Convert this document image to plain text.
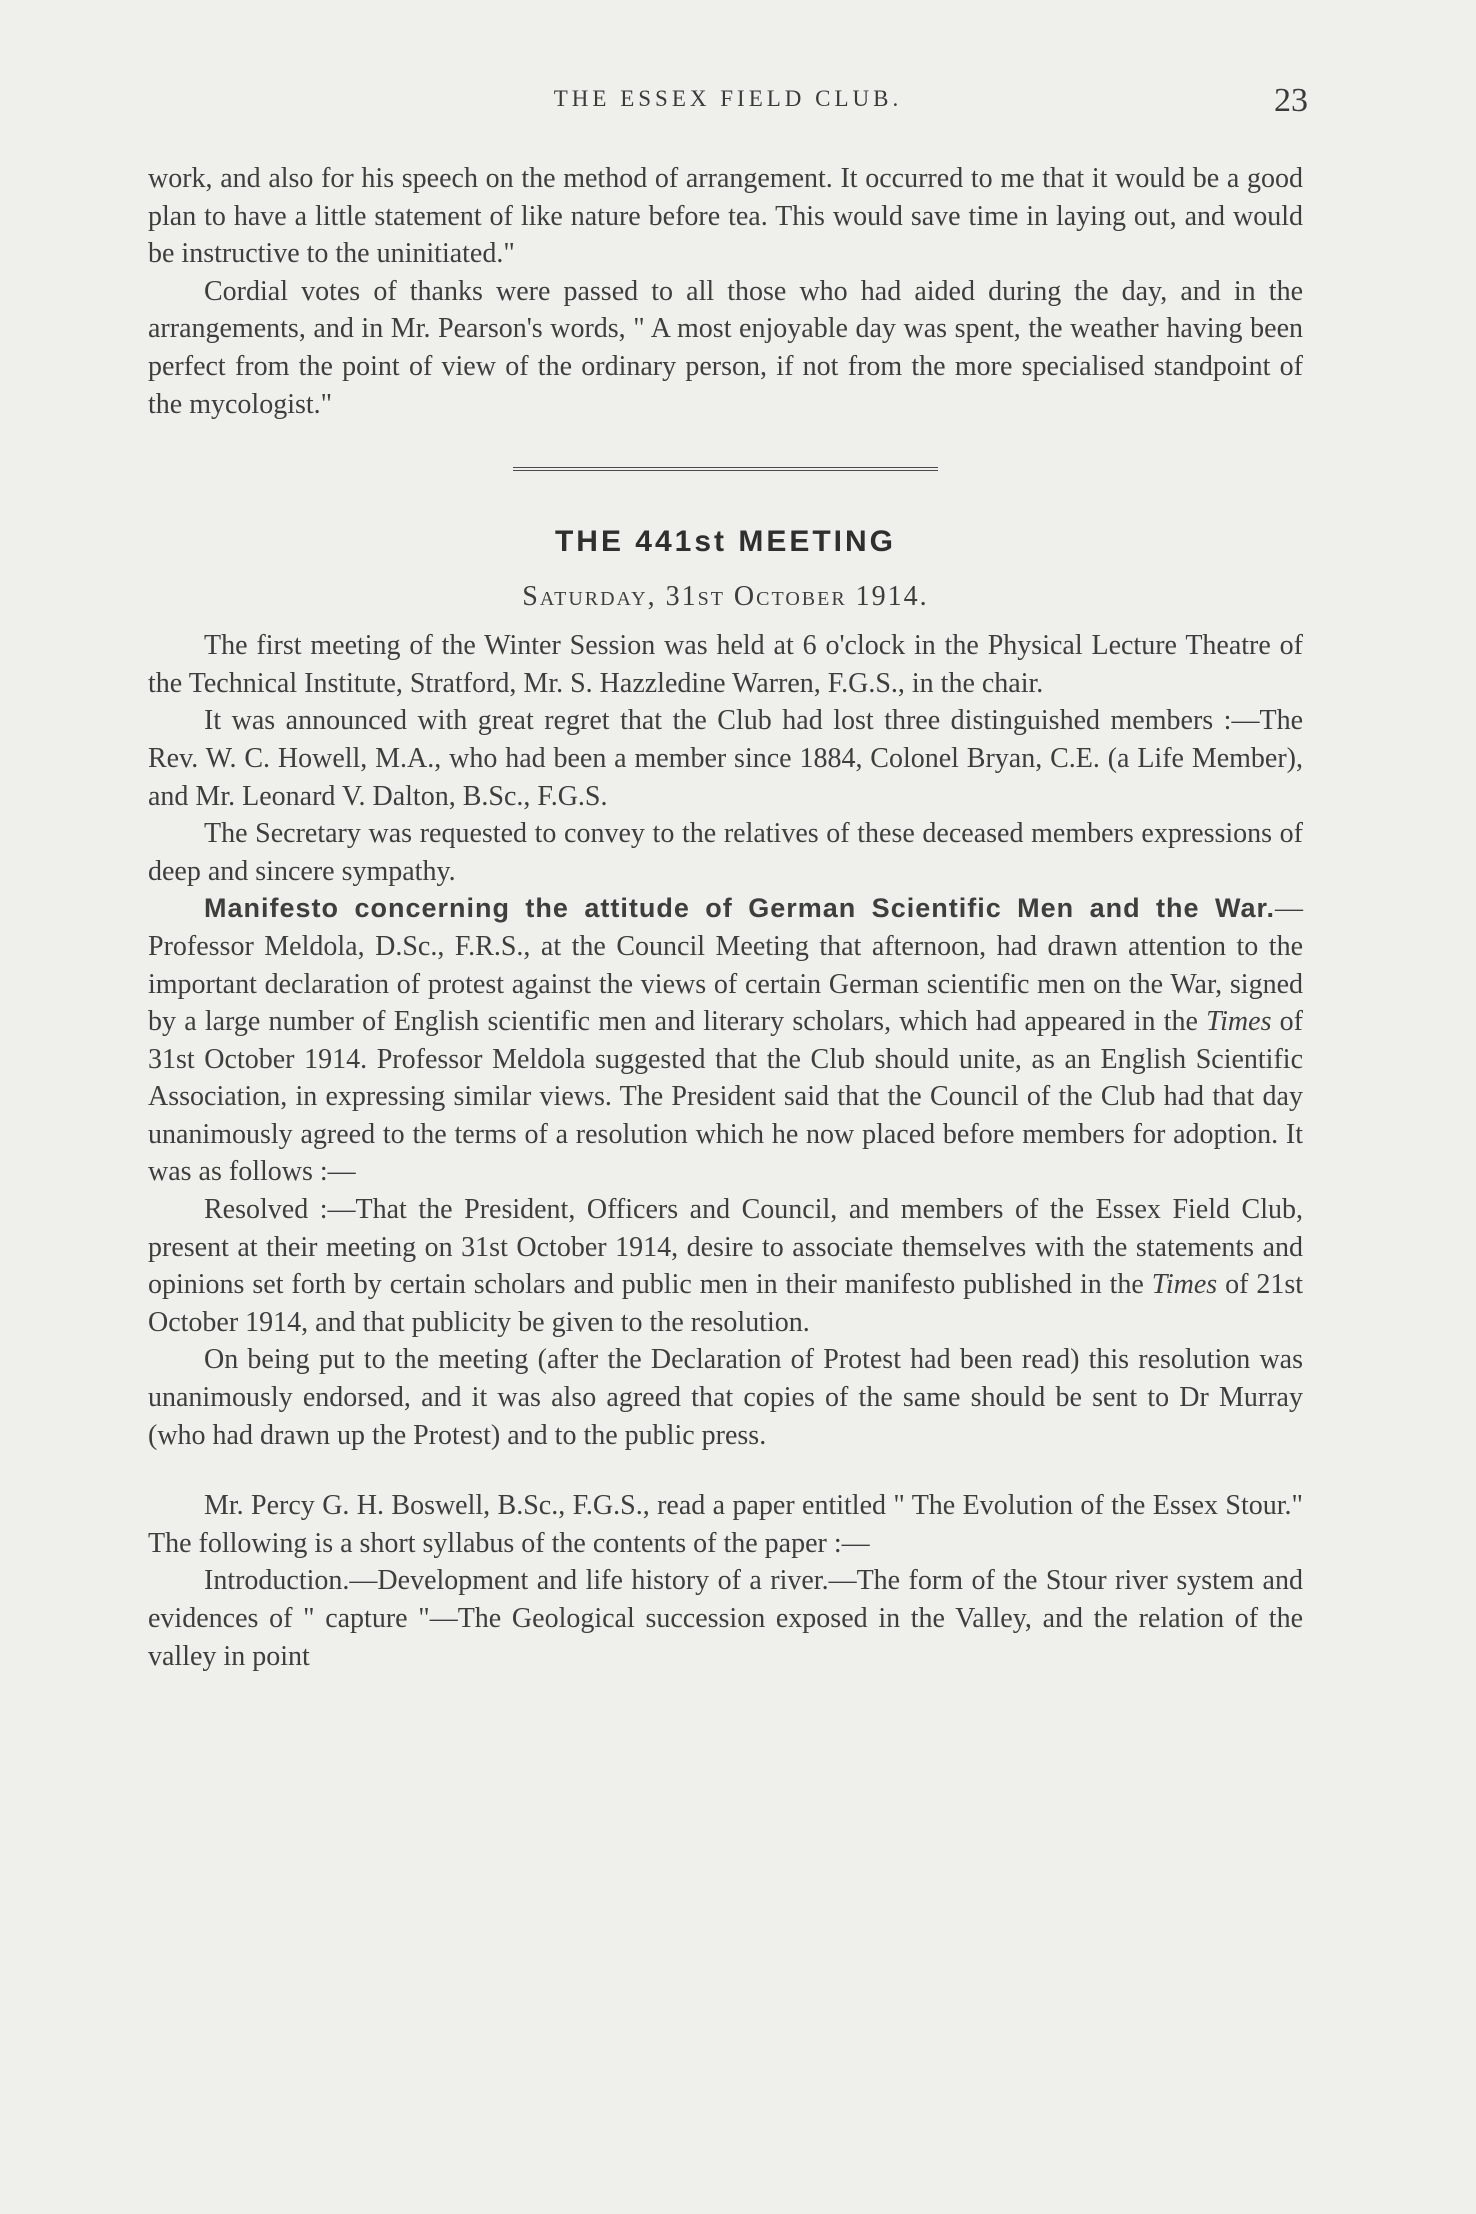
THE ESSEX FIELD CLUB.	23

work, and also for his speech on the method of arrangement. It occurred to me that it would be a good plan to have a little statement of like nature before tea. This would save time in laying out, and would be instructive to the uninitiated."

Cordial votes of thanks were passed to all those who had aided during the day, and in the arrangements, and in Mr. Pearson's words, " A most enjoyable day was spent, the weather having been perfect from the point of view of the ordinary person, if not from the more specialised standpoint of the mycologist."

THE 441st MEETING
Saturday, 31st October 1914.

The first meeting of the Winter Session was held at 6 o'clock in the Physical Lecture Theatre of the Technical Institute, Stratford, Mr. S. Hazzledine Warren, F.G.S., in the chair.

It was announced with great regret that the Club had lost three distinguished members :—The Rev. W. C. Howell, M.A., who had been a member since 1884, Colonel Bryan, C.E. (a Life Member), and Mr. Leonard V. Dalton, B.Sc., F.G.S.

The Secretary was requested to convey to the relatives of these deceased members expressions of deep and sincere sympathy.

Manifesto concerning the attitude of German Scientific Men and the War.—Professor Meldola, D.Sc., F.R.S., at the Council Meeting that afternoon, had drawn attention to the important declaration of protest against the views of certain German scientific men on the War, signed by a large number of English scientific men and literary scholars, which had appeared in the Times of 31st October 1914. Professor Meldola suggested that the Club should unite, as an English Scientific Association, in expressing similar views. The President said that the Council of the Club had that day unanimously agreed to the terms of a resolution which he now placed before members for adoption. It was as follows :—

Resolved :—That the President, Officers and Council, and members of the Essex Field Club, present at their meeting on 31st October 1914, desire to associate themselves with the statements and opinions set forth by certain scholars and public men in their manifesto published in the Times of 21st October 1914, and that publicity be given to the resolution.

On being put to the meeting (after the Declaration of Protest had been read) this resolution was unanimously endorsed, and it was also agreed that copies of the same should be sent to Dr Murray (who had drawn up the Protest) and to the public press.

Mr. Percy G. H. Boswell, B.Sc., F.G.S., read a paper entitled " The Evolution of the Essex Stour." The following is a short syllabus of the contents of the paper :—

Introduction.—Development and life history of a river.—The form of the Stour river system and evidences of " capture "—The Geological succession exposed in the Valley, and the relation of the valley in point
